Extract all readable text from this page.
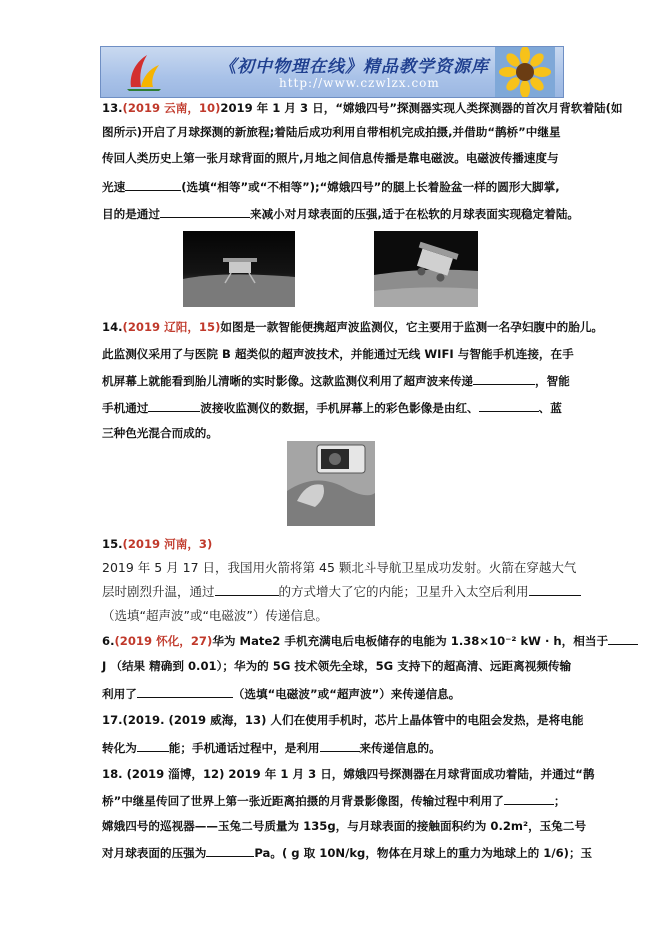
《初中物理在线》精品教学资源库
http://www.czwlzx.com
13.(2019 云南，10)2019 年 1 月 3 日，“嫦娥四号”探测器实现人类探测器的首次月背软着陆(如
图所示)开启了月球探测的新旅程;着陆后成功利用自带相机完成拍摄,并借助“鹊桥”中继星
传回人类历史上第一张月球背面的照片,月地之间信息传播是靠电磁波。电磁波传播速度与
光速	(选填“相等”或“不相等”);“嫦娥四号”的腿上长着脸盆一样的圆形大脚掌,
目的是通过	来减小对月球表面的压强,适于在松软的月球表面实现稳定着陆。
14.(2019 辽阳，15)如图是一款智能便携超声波监测仪，它主要用于监测一名孕妇腹中的胎儿。
此监测仪采用了与医院 B 超类似的超声波技术，并能通过无线 WIFI 与智能手机连接，在手
机屏幕上就能看到胎儿清晰的实时影像。这款监测仪利用了超声波来传递	，智能
手机通过	波接收监测仪的数据，手机屏幕上的彩色影像是由红、	、蓝
三种色光混合而成的。
15.(2019 河南，3)
2019 年 5 月 17 日，我国用火箭将第 45 颗北斗导航卫星成功发射。火箭在穿越大气
层时剧烈升温，通过	的方式增大了它的内能；卫星升入太空后利用
（选填“超声波”或“电磁波”）传递信息。
6.(2019 怀化，27)华为 Mate2 手机充满电后电板储存的电能为 1.38×10⁻² kW · h，相当于
J （结果 精确到 0.01）；华为的 5G 技术领先全球，5G 支持下的超高清、远距离视频传输
利用了	（选填“电磁波”或“超声波”）来传递信息。
17.(2019. (2019 威海，13) 人们在使用手机时，芯片上晶体管中的电阻会发热，是将电能
转化为	能；手机通话过程中，是利用	来传递信息的。
18. (2019 淄博，12) 2019 年 1 月 3 日，嫦娥四号探测器在月球背面成功着陆，并通过“鹊
桥”中继星传回了世界上第一张近距离拍摄的月背景影像图，传输过程中利用了	；
嫦娥四号的巡视器——玉兔二号质量为 135g，与月球表面的接触面积约为 0.2m²，玉兔二号
对月球表面的压强为	Pa。( g 取 10N/kg，物体在月球上的重力为地球上的 1/6)；玉
